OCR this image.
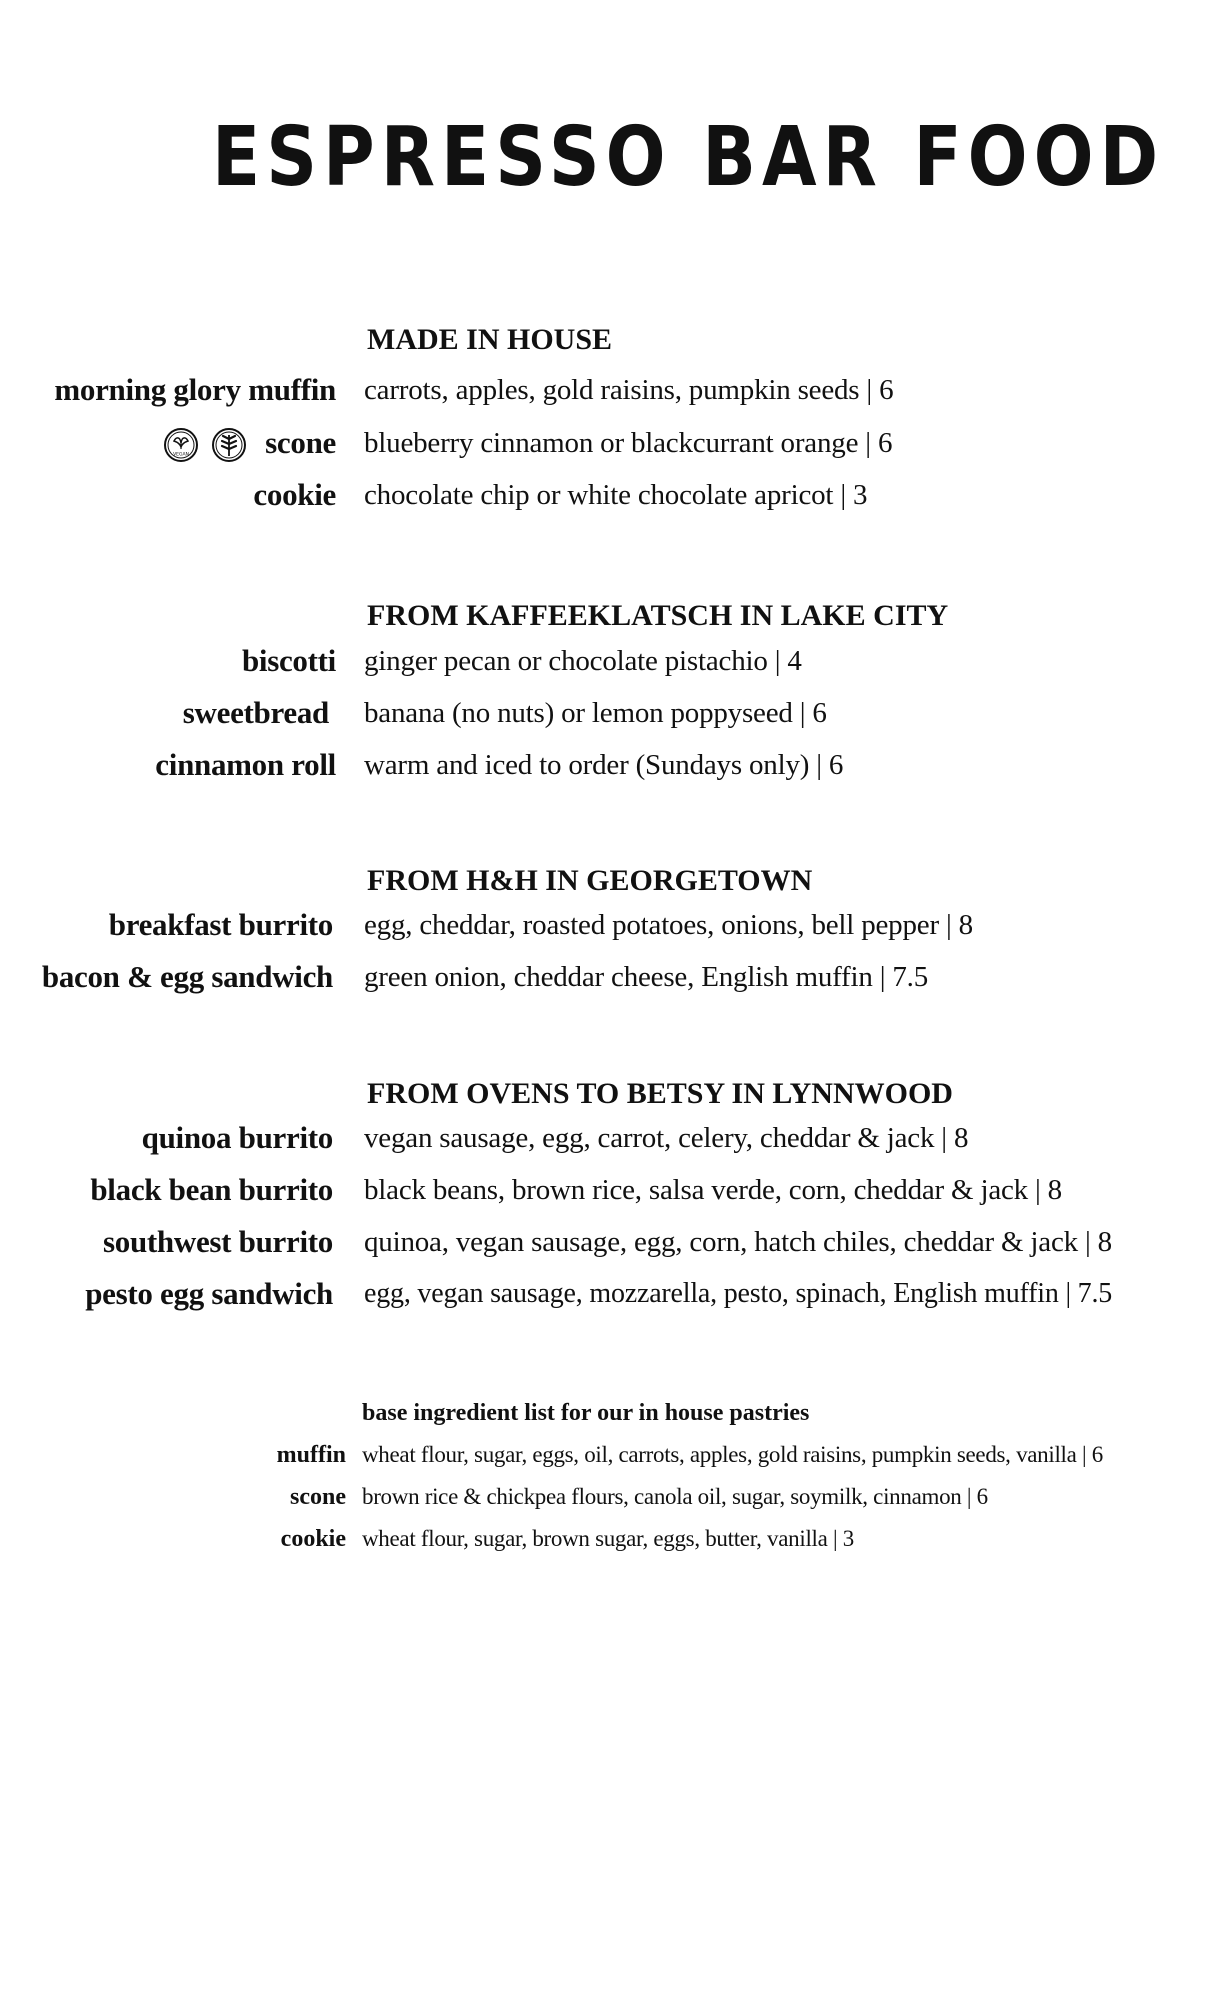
ESPRESSO BAR FOOD
MADE IN HOUSE
morning glory muffin carrots, apples, gold raisins, pumpkin seeds | 6
VEGAN scone blueberry cinnamon or blackcurrant orange | 6
cookie chocolate chip or white chocolate apricot | 3
FROM KAFFEEKLATSCH IN LAKE CITY
biscotti ginger pecan or chocolate pistachio | 4
sweetbread banana (no nuts) or lemon poppyseed | 6
cinnamon roll warm and iced to order (Sundays only) | 6
FROM H&H IN GEORGETOWN
breakfast burrito egg, cheddar, roasted potatoes, onions, bell pepper | 8
bacon & egg sandwich green onion, cheddar cheese, English muffin | 7.5
FROM OVENS TO BETSY IN LYNNWOOD
quinoa burrito vegan sausage, egg, carrot, celery, cheddar & jack | 8
black bean burrito black beans, brown rice, salsa verde, corn, cheddar & jack | 8
southwest burrito quinoa, vegan sausage, egg, corn, hatch chiles, cheddar & jack | 8
pesto egg sandwich egg, vegan sausage, mozzarella, pesto, spinach, English muffin | 7.5
base ingredient list for our in house pastries
muffin wheat flour, sugar, eggs, oil, carrots, apples, gold raisins, pumpkin seeds, vanilla | 6
scone brown rice & chickpea flours, canola oil, sugar, soymilk, cinnamon | 6
cookie wheat flour, sugar, brown sugar, eggs, butter, vanilla | 3
